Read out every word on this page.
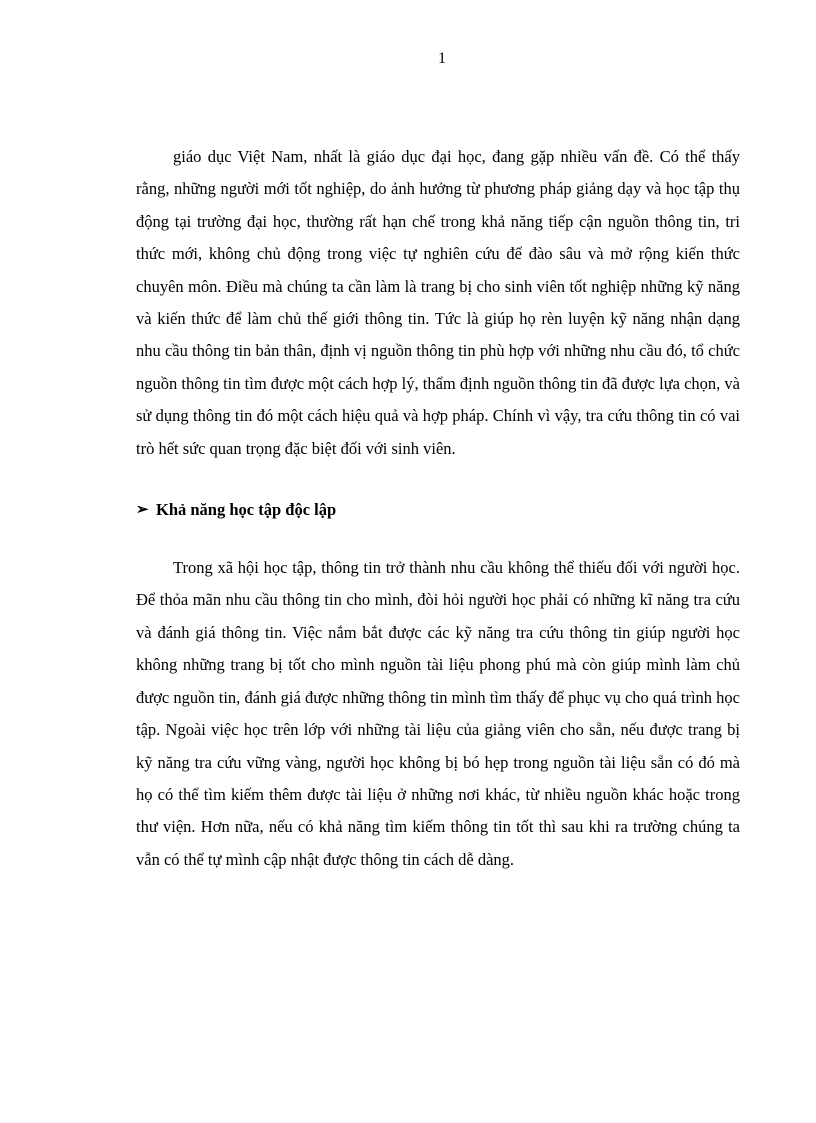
1

giáo dục Việt Nam, nhất là giáo dục đại học, đang gặp nhiều vấn đề. Có thể thấy rằng, những người mới tốt nghiệp, do ảnh hưởng từ phương pháp giảng dạy và học tập thụ động tại trường đại học, thường rất hạn chế trong khả năng tiếp cận nguồn thông tin, tri thức mới, không chủ động trong việc tự nghiên cứu để đào sâu và mở rộng kiến thức chuyên môn. Điều mà chúng ta cần làm là trang bị cho sinh viên tốt nghiệp những kỹ năng và kiến thức để làm chủ thế giới thông tin. Tức là giúp họ rèn luyện kỹ năng nhận dạng nhu cầu thông tin bản thân, định vị nguồn thông tin phù hợp với những nhu cầu đó, tổ chức nguồn thông tin tìm được một cách hợp lý, thẩm định nguồn thông tin đã được lựa chọn, và sử dụng thông tin đó một cách hiệu quả và hợp pháp. Chính vì vậy, tra cứu thông tin có vai trò hết sức quan trọng đặc biệt đối với sinh viên.

➢ Khả năng học tập độc lập

Trong xã hội học tập, thông tin trở thành nhu cầu không thể thiếu đối với người học. Để thỏa mãn nhu cầu thông tin cho mình, đòi hỏi người học phải có những kĩ năng tra cứu và đánh giá thông tin. Việc nắm bắt được các kỹ năng tra cứu thông tin giúp người học không những trang bị tốt cho mình nguồn tài liệu phong phú mà còn giúp mình làm chủ được nguồn tin, đánh giá được những thông tin mình tìm thấy để phục vụ cho quá trình học tập. Ngoài việc học trên lớp với những tài liệu của giảng viên cho sẵn, nếu được trang bị kỹ năng tra cứu vững vàng, người học không bị bó hẹp trong nguồn tài liệu sẵn có đó mà họ có thể tìm kiếm thêm được tài liệu ở những nơi khác, từ nhiều nguồn khác hoặc trong thư viện. Hơn nữa, nếu có khả năng tìm kiếm thông tin tốt thì sau khi ra trường chúng ta vẫn có thể tự mình cập nhật được thông tin cách dễ dàng.
